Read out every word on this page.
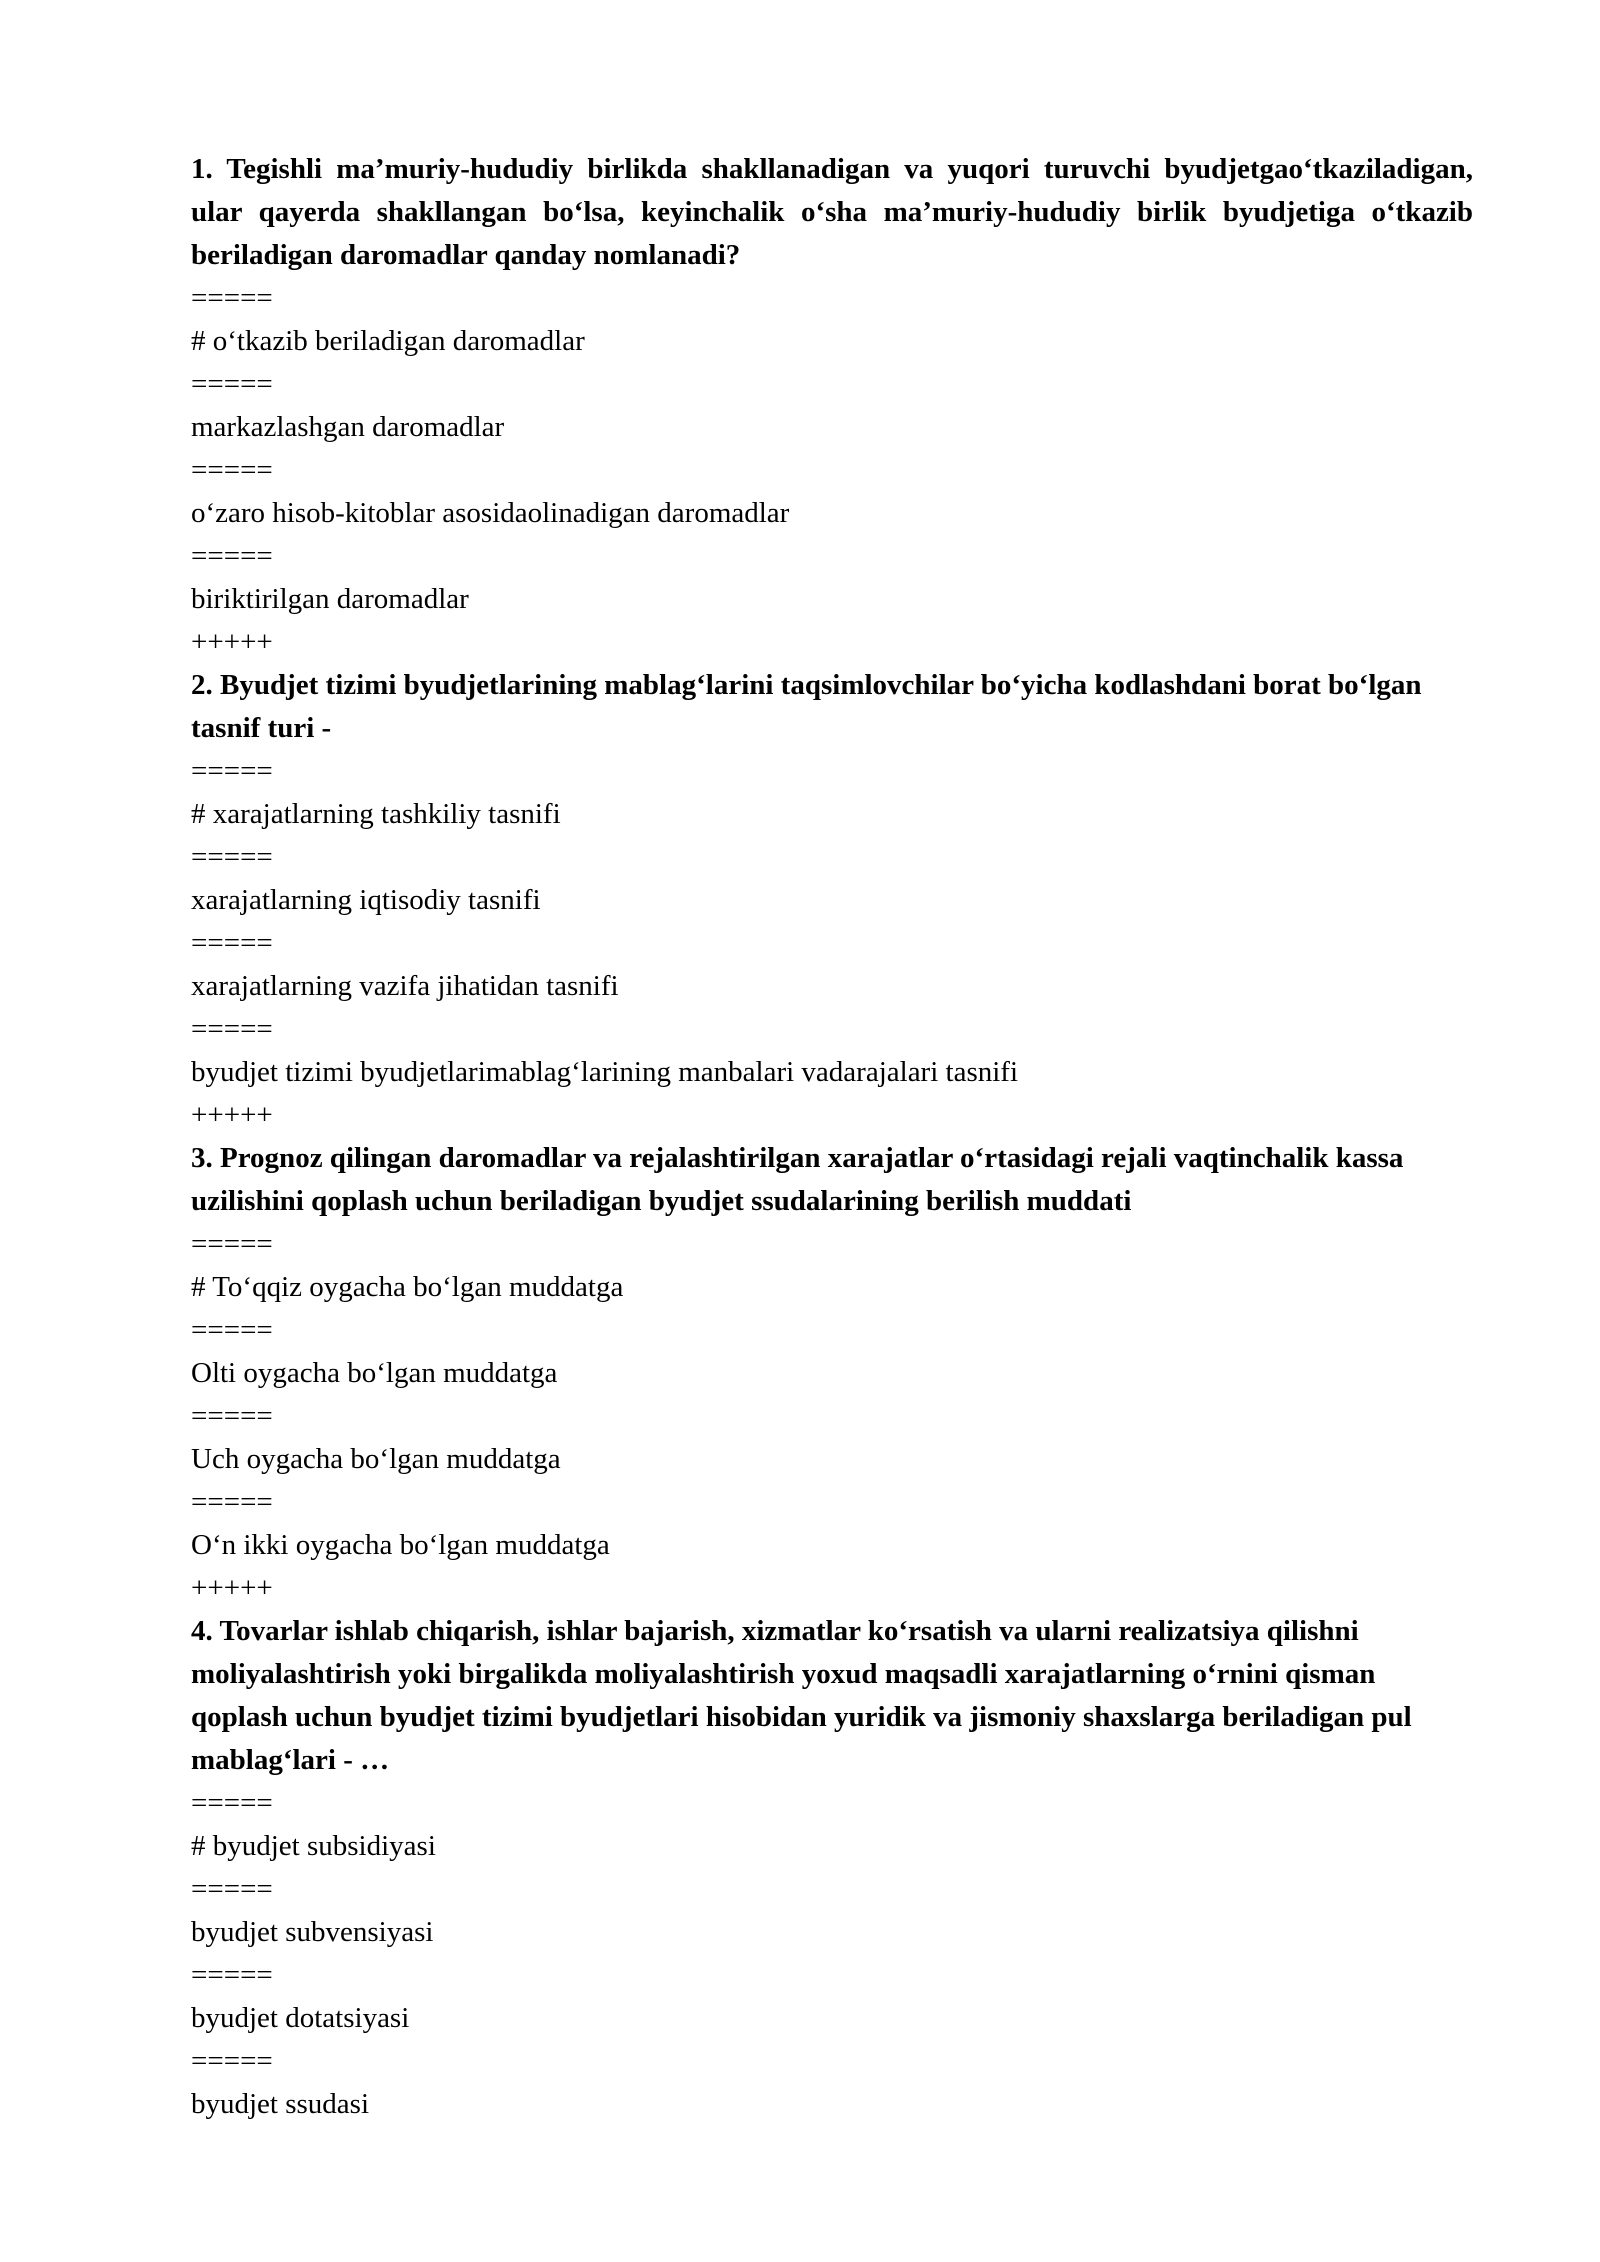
1. Tegishli ma’muriy-hududiy birlikda shakllanadigan va yuqori turuvchi byudjetgaoʻtkaziladigan, ular qayerda shakllangan boʻlsa, keyinchalik oʻsha ma’muriy-hududiy birlik byudjetiga oʻtkazib beriladigan daromadlar qanday nomlanadi?

=====

# oʻtkazib beriladigan daromadlar

=====

markazlashgan daromadlar

=====

oʻzaro hisob-kitoblar asosidaolinadigan daromadlar

=====

biriktirilgan daromadlar

+++++

2. Byudjet tizimi byudjetlarining mablagʻlarini taqsimlovchilar boʻyicha kodlashdani borat boʻlgan tasnif turi -

=====

# xarajatlarning tashkiliy tasnifi

=====

xarajatlarning iqtisodiy tasnifi

=====

xarajatlarning vazifa jihatidan tasnifi

=====

byudjet tizimi byudjetlarimablagʻlarining manbalari vadarajalari tasnifi

+++++

3. Prognoz qilingan daromadlar va rejalashtirilgan xarajatlar oʻrtasidagi rejali vaqtinchalik kassa uzilishini qoplash uchun beriladigan byudjet ssudalarining berilish muddati

=====

# Toʻqqiz oygacha boʻlgan muddatga

=====

Olti oygacha boʻlgan muddatga

=====

Uch oygacha boʻlgan muddatga

=====

Oʻn ikki oygacha boʻlgan muddatga

+++++

4. Tovarlar ishlab chiqarish, ishlar bajarish, xizmatlar koʻrsatish va ularni realizatsiya qilishni moliyalashtirish yoki birgalikda moliyalashtirish yoxud maqsadli xarajatlarning oʻrnini qisman qoplash uchun byudjet tizimi byudjetlari hisobidan yuridik va jismoniy shaxslarga beriladigan pul mablagʻlari - …

=====

# byudjet subsidiyasi

=====

byudjet subvensiyasi

=====

byudjet dotatsiyasi

=====

byudjet ssudasi
